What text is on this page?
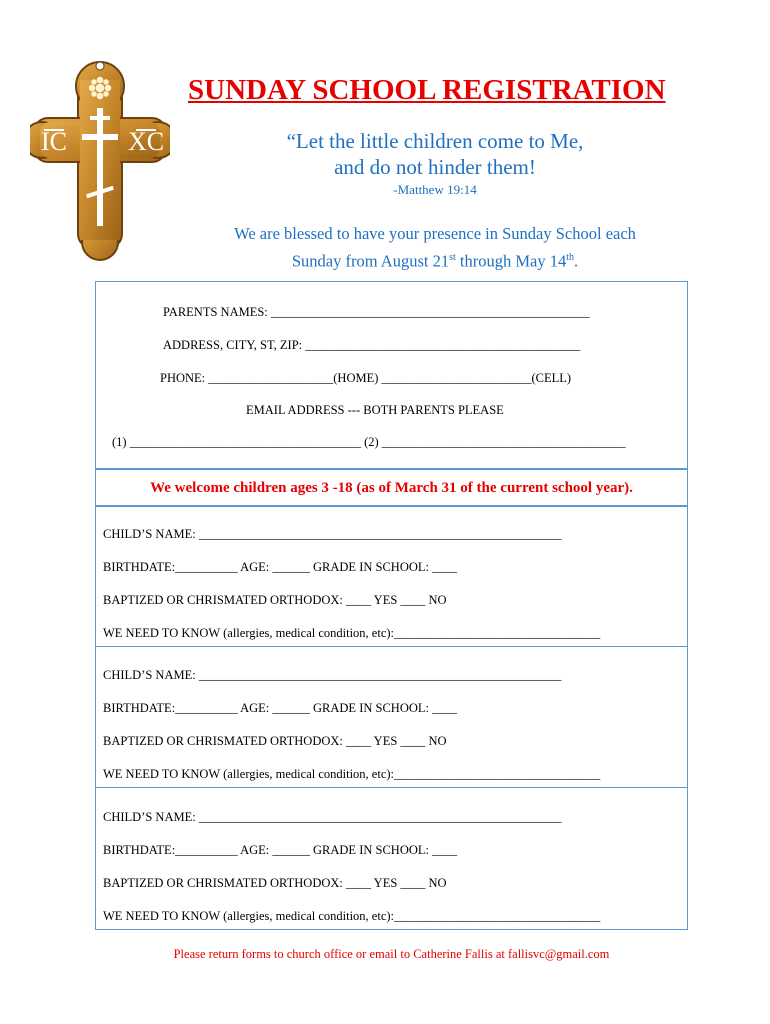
IC XC
SUNDAY SCHOOL REGISTRATION
“Let the little children come to Me,
and do not hinder them!
-Matthew 19:14
We are blessed to have your presence in Sunday School each
Sunday from August 21st through May 14th.
PARENTS NAMES: ___________________________________________________
ADDRESS, CITY, ST, ZIP: ____________________________________________
PHONE: ____________________(HOME) ________________________(CELL)
EMAIL ADDRESS --- BOTH PARENTS PLEASE
(1) _____________________________________ (2) _______________________________________
We welcome children ages 3 -18 (as of March 31 of the current school year).
CHILD’S NAME: __________________________________________________________
BIRTHDATE:__________ AGE: ______ GRADE IN SCHOOL: ____
BAPTIZED OR CHRISMATED ORTHODOX: ____ YES ____ NO
WE NEED TO KNOW (allergies, medical condition, etc):_________________________________
CHILD’S NAME: __________________________________________________________
BIRTHDATE:__________ AGE: ______ GRADE IN SCHOOL: ____
BAPTIZED OR CHRISMATED ORTHODOX: ____ YES ____ NO
WE NEED TO KNOW (allergies, medical condition, etc):_________________________________
CHILD’S NAME: __________________________________________________________
BIRTHDATE:__________ AGE: ______ GRADE IN SCHOOL: ____
BAPTIZED OR CHRISMATED ORTHODOX: ____ YES ____ NO
WE NEED TO KNOW (allergies, medical condition, etc):_________________________________
Please return forms to church office or email to Catherine Fallis at fallisvc@gmail.com
